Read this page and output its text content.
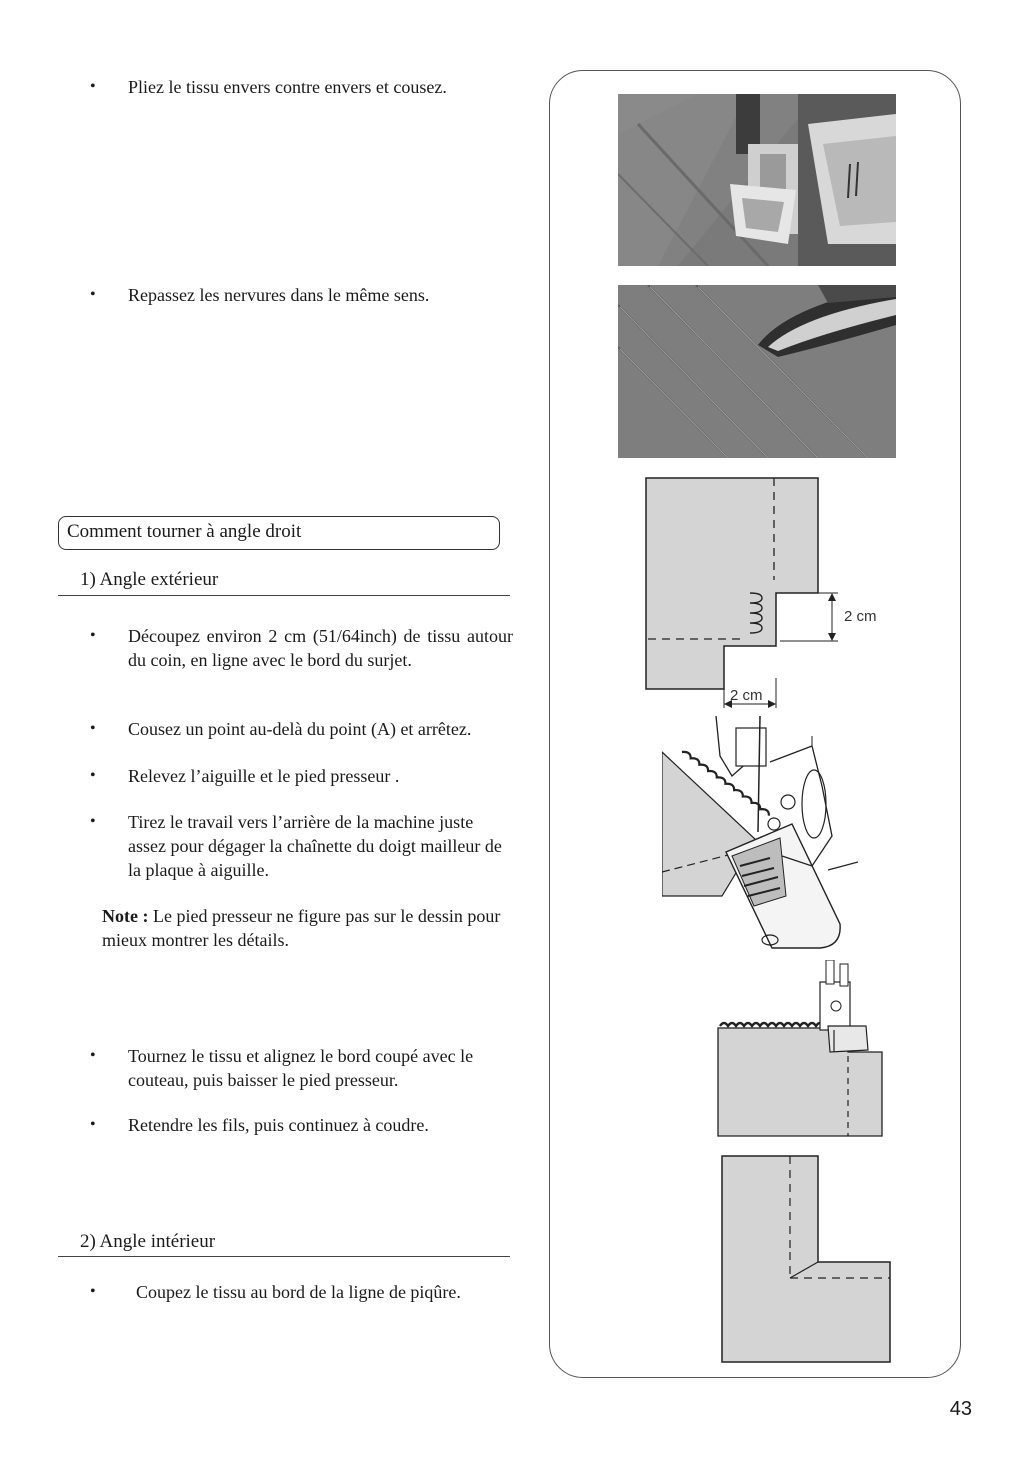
• Pliez le tissu envers contre envers et cousez.
• Repassez les nervures dans le même sens.
Comment tourner à angle droit
1) Angle extérieur
• Découpez environ 2 cm (51/64inch) de tissu autour du coin, en ligne avec le bord du surjet.
• Cousez un point au-delà du point (A) et arrêtez.
• Relevez l’aiguille et le pied presseur .
• Tirez le travail vers l’arrière de la machine juste assez pour dégager la chaînette du doigt mailleur de la plaque à aiguille.
Note : Le pied presseur ne figure pas sur le dessin pour mieux montrer les détails.
• Tournez le tissu et alignez le bord coupé avec le couteau, puis baisser le pied presseur.
• Retendre les fils, puis continuez à coudre.
2) Angle intérieur
• Coupez le tissu au bord de la ligne de piqûre.
2 cm
2 cm
43
